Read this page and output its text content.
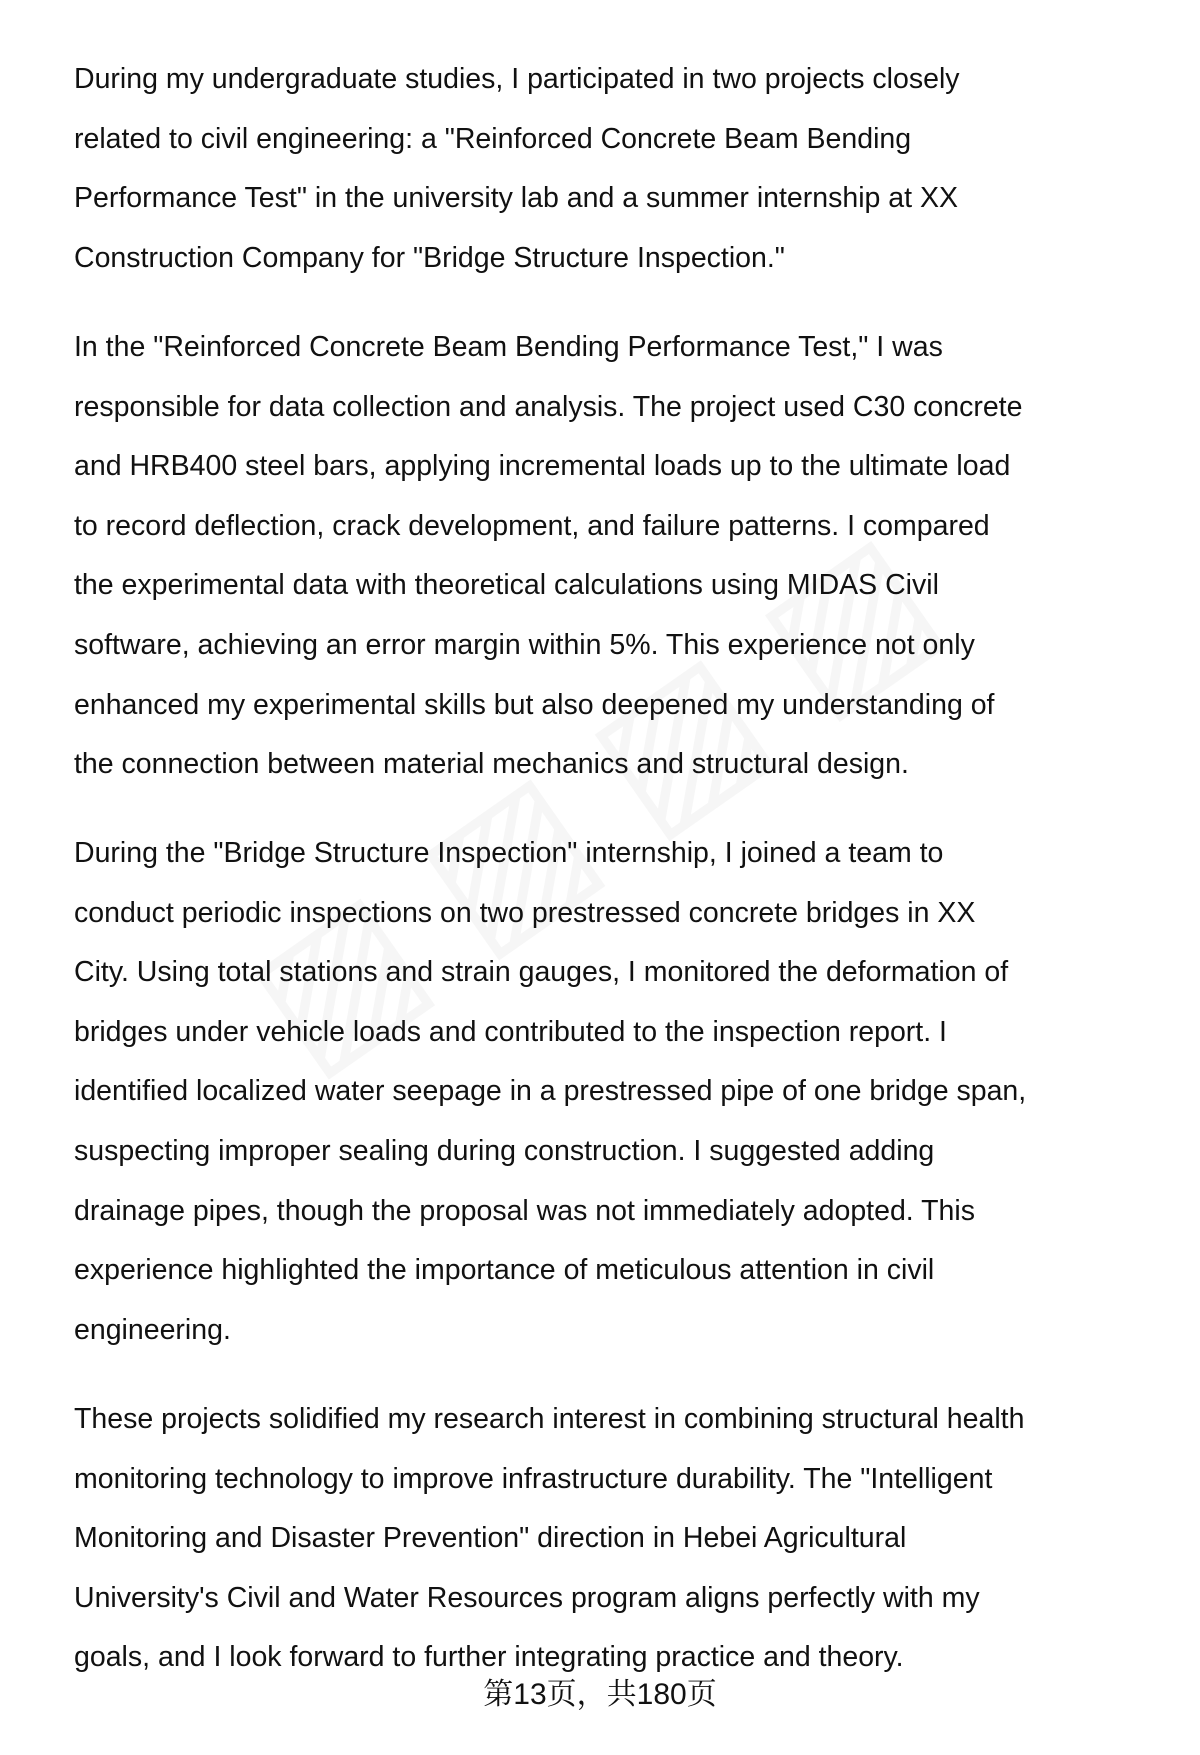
During my undergraduate studies, I participated in two projects closely
related to civil engineering: a "Reinforced Concrete Beam Bending
Performance Test" in the university lab and a summer internship at XX
Construction Company for "Bridge Structure Inspection."
In the "Reinforced Concrete Beam Bending Performance Test," I was
responsible for data collection and analysis. The project used C30 concrete
and HRB400 steel bars, applying incremental loads up to the ultimate load
to record deflection, crack development, and failure patterns. I compared
the experimental data with theoretical calculations using MIDAS Civil
software, achieving an error margin within 5%. This experience not only
enhanced my experimental skills but also deepened my understanding of
the connection between material mechanics and structural design.
During the "Bridge Structure Inspection" internship, I joined a team to
conduct periodic inspections on two prestressed concrete bridges in XX
City. Using total stations and strain gauges, I monitored the deformation of
bridges under vehicle loads and contributed to the inspection report. I
identified localized water seepage in a prestressed pipe of one bridge span,
suspecting improper sealing during construction. I suggested adding
drainage pipes, though the proposal was not immediately adopted. This
experience highlighted the importance of meticulous attention in civil
engineering.
These projects solidified my research interest in combining structural health
monitoring technology to improve infrastructure durability. The "Intelligent
Monitoring and Disaster Prevention" direction in Hebei Agricultural
University's Civil and Water Resources program aligns perfectly with my
goals, and I look forward to further integrating practice and theory.
第13页，共180页
